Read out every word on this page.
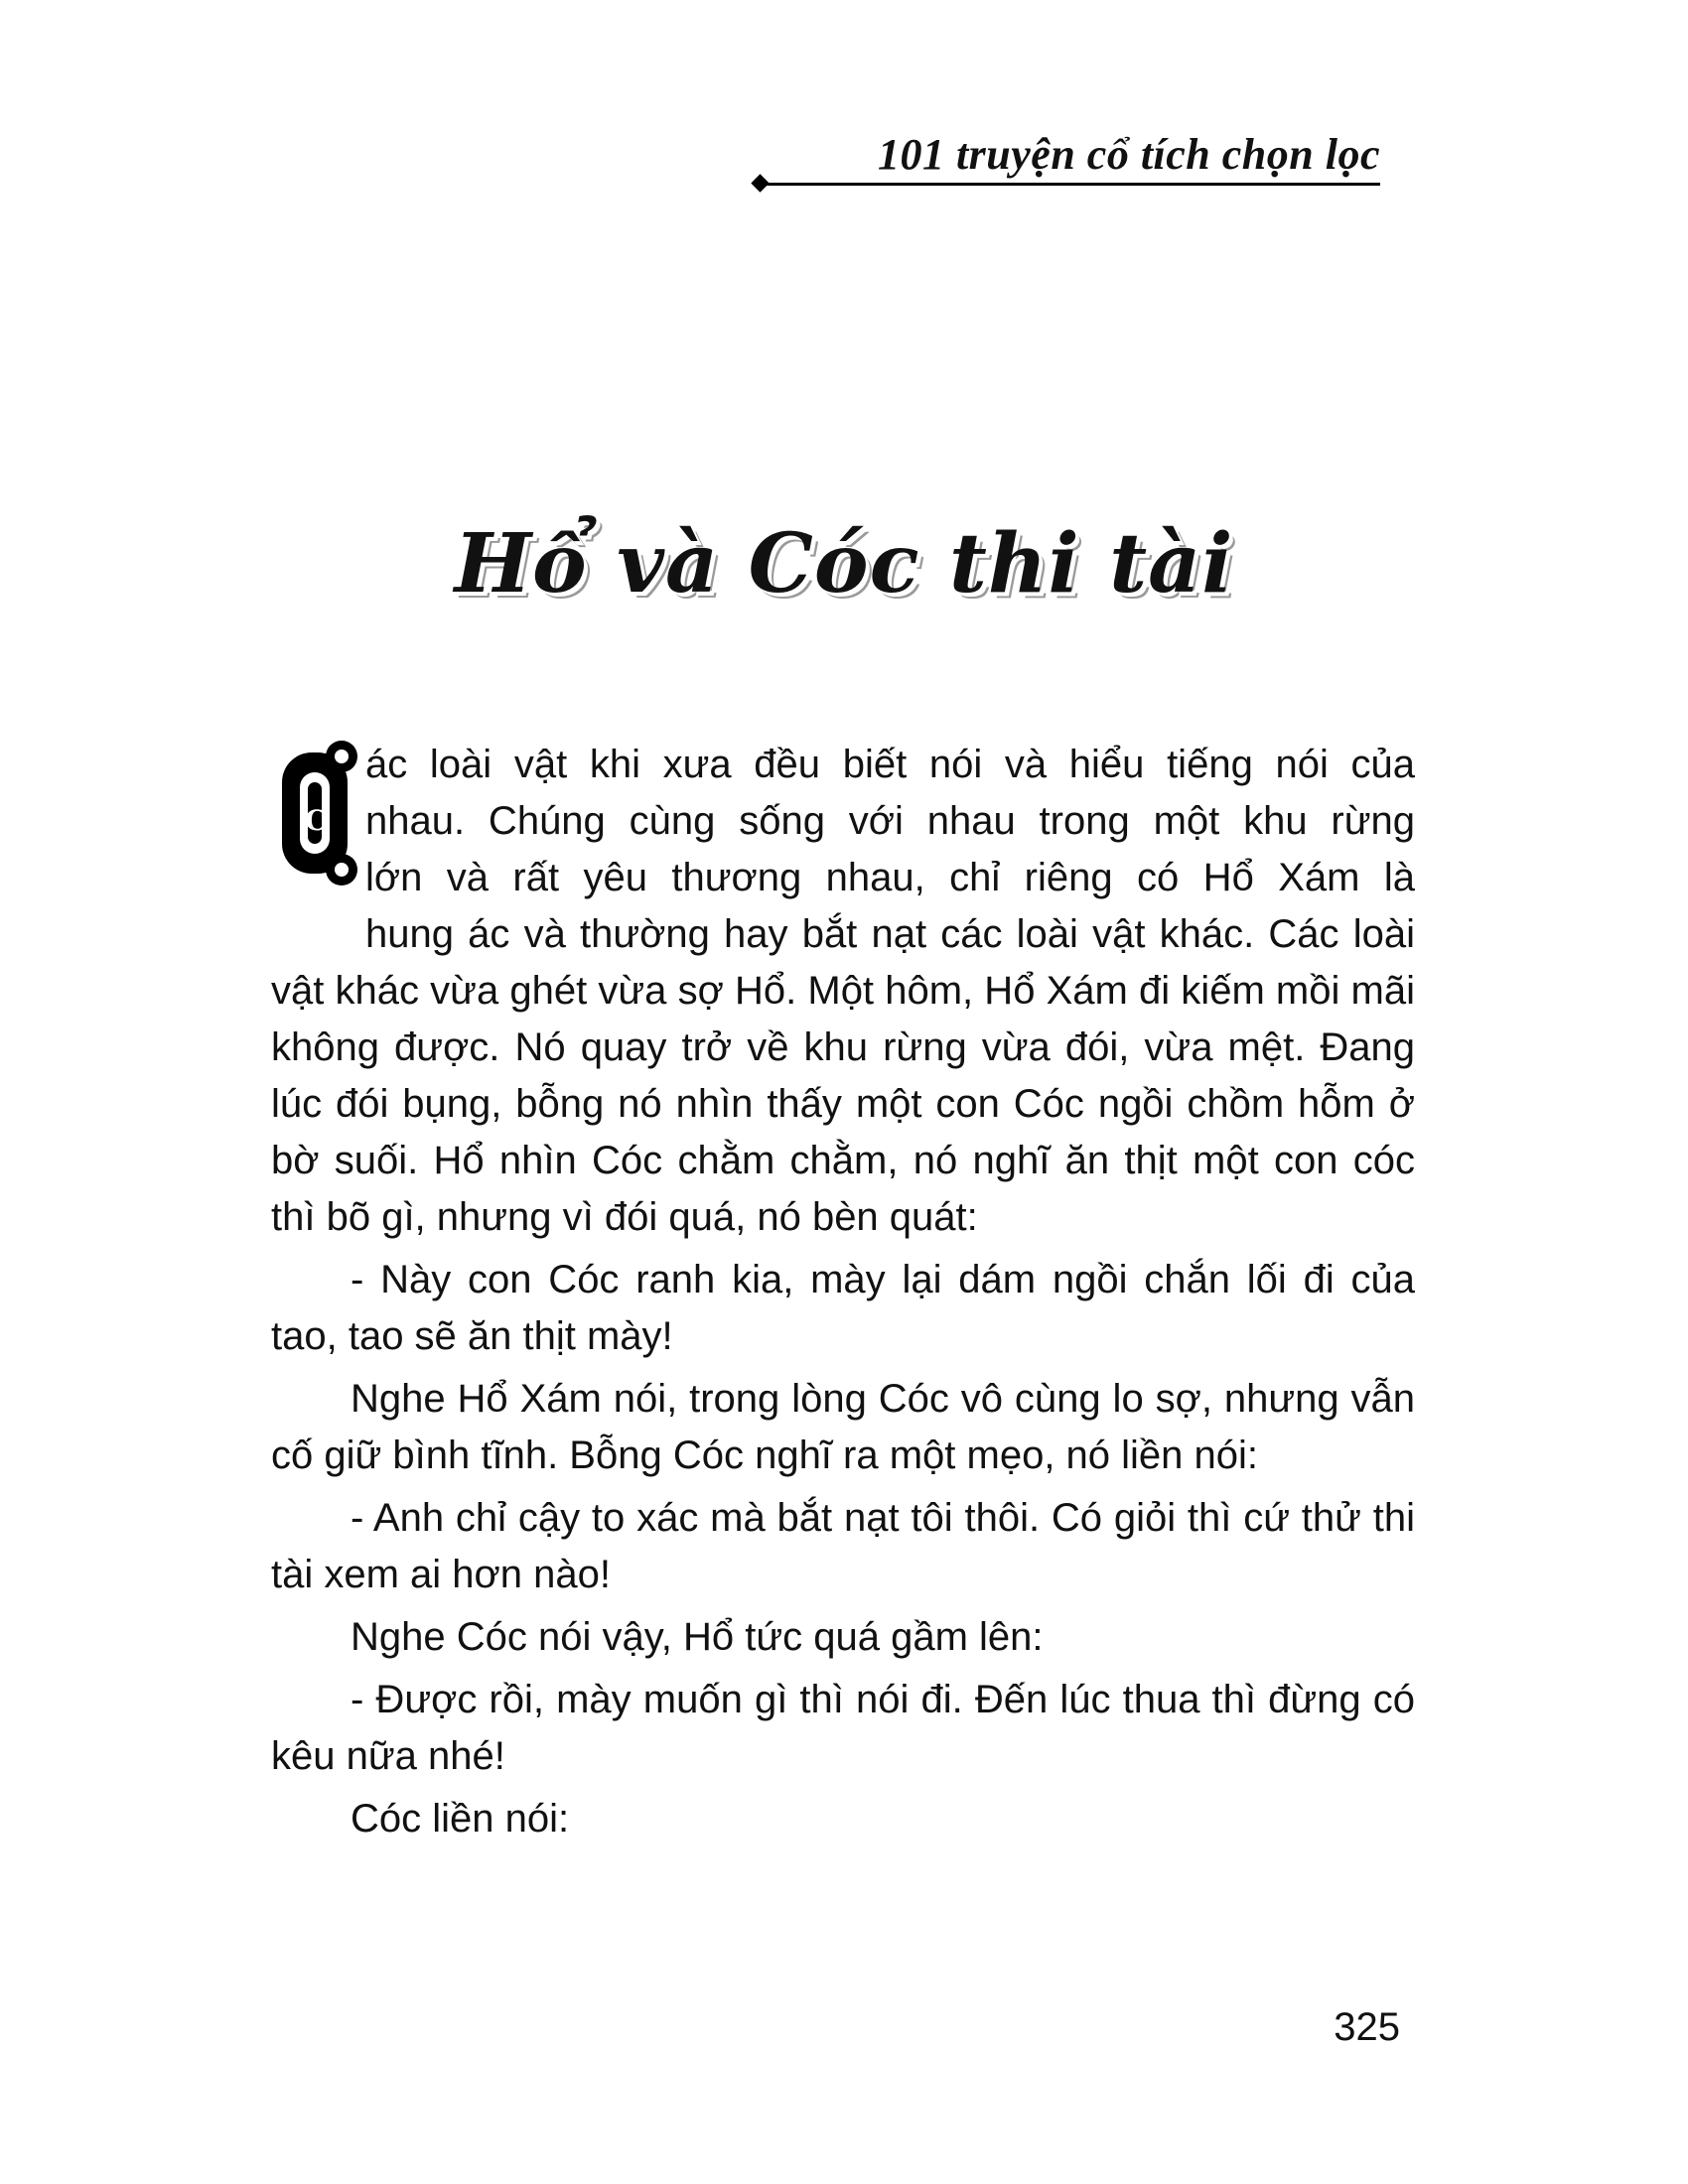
101 truyện cổ tích chọn lọc
Hổ và Cóc thi tài
C

ác loài vật khi xưa đều biết nói và hiểu tiếng nói của
nhau. Chúng cùng sống với nhau trong một khu rừng
lớn và rất yêu thương nhau, chỉ riêng có Hổ Xám là
hung ác và thường hay bắt nạt các loài vật khác. Các loài vật khác vừa ghét vừa sợ Hổ. Một hôm, Hổ Xám đi kiếm mồi mãi không được. Nó quay trở về khu rừng vừa đói, vừa mệt. Đang lúc đói bụng, bỗng nó nhìn thấy một con Cóc ngồi chồm hỗm ở bờ suối. Hổ nhìn Cóc chằm chằm, nó nghĩ ăn thịt một con cóc thì bõ gì, nhưng vì đói quá, nó bèn quát:

- Này con Cóc ranh kia, mày lại dám ngồi chắn lối đi của tao, tao sẽ ăn thịt mày!

Nghe Hổ Xám nói, trong lòng Cóc vô cùng lo sợ, nhưng vẫn cố giữ bình tĩnh. Bỗng Cóc nghĩ ra một mẹo, nó liền nói:

- Anh chỉ cậy to xác mà bắt nạt tôi thôi. Có giỏi thì cứ thử thi tài xem ai hơn nào!

Nghe Cóc nói vậy, Hổ tức quá gầm lên:

- Được rồi, mày muốn gì thì nói đi. Đến lúc thua thì đừng có kêu nữa nhé!

Cóc liền nói:

325
